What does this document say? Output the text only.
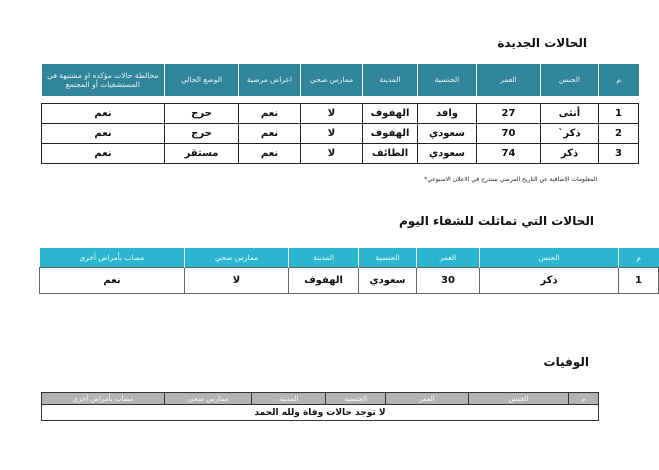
الحالات الجديدة
م	الجنس	العمر	الجنسية	المدينة	ممارس صحي	اعراض مرضية	الوضع الحالي	مخالطة حالات مؤكده او مشتبهة في المستشفيات أو المجتمع

1	أنثى	27	وافد	الهفوف	لا	نعم	حرج	نعم
2	ذكر`	70	سعودي	الهفوف	لا	نعم	حرج	نعم
3	ذكر	74	سعودي	الطائف	لا	نعم	مستقر	نعم
المعلومات الاضافية عن التاريخ المرضي ستدرج في الاعلان الاسبوعي*
الحالات التي تماثلت للشفاء اليوم
م	الجنس	العمر	الجنسية	المدينة	ممارس صحي	مصاب بأمراض أخرى
1	ذكر	30	سعودي	الهفوف	لا	نعم
الوفيات
م	الجنس	العمر	الجنسية	المدينة	ممارس صحي	مصاب بأمراض أخرى
لا توجد حالات وفاة ولله الحمد
